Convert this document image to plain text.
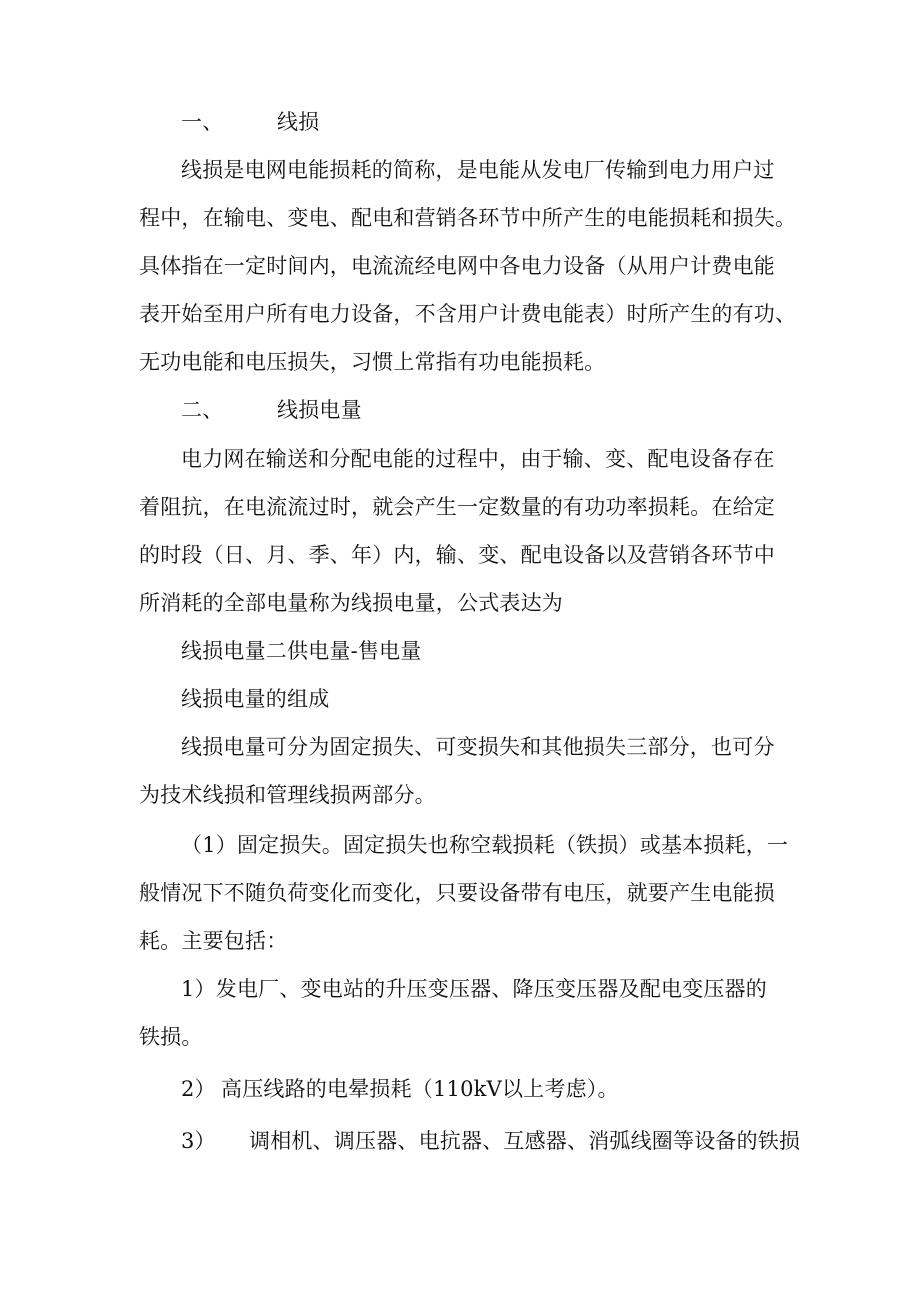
一、	线损
线损是电网电能损耗的简称，是电能从发电厂传输到电力用户过
程中，在输电、变电、配电和营销各环节中所产生的电能损耗和损失。
具体指在一定时间内，电流流经电网中各电力设备（从用户计费电能
表开始至用户所有电力设备，不含用户计费电能表）时所产生的有功、
无功电能和电压损失，习惯上常指有功电能损耗。
二、	线损电量
电力网在输送和分配电能的过程中，由于输、变、配电设备存在
着阻抗，在电流流过时，就会产生一定数量的有功功率损耗。在给定
的时段（日、月、季、年）内，输、变、配电设备以及营销各环节中
所消耗的全部电量称为线损电量，公式表达为
线损电量二供电量-售电量
线损电量的组成
线损电量可分为固定损失、可变损失和其他损失三部分，也可分
为技术线损和管理线损两部分。
（1）固定损失。固定损失也称空载损耗（铁损）或基本损耗，一
般情况下不随负荷变化而变化，只要设备带有电压，就要产生电能损
耗。主要包括：
1）发电厂、变电站的升压变压器、降压变压器及配电变压器的
铁损。
2） 高压线路的电晕损耗（110kV以上考虑）。
3） 调相机、调压器、电抗器、互感器、消弧线圈等设备的铁损
